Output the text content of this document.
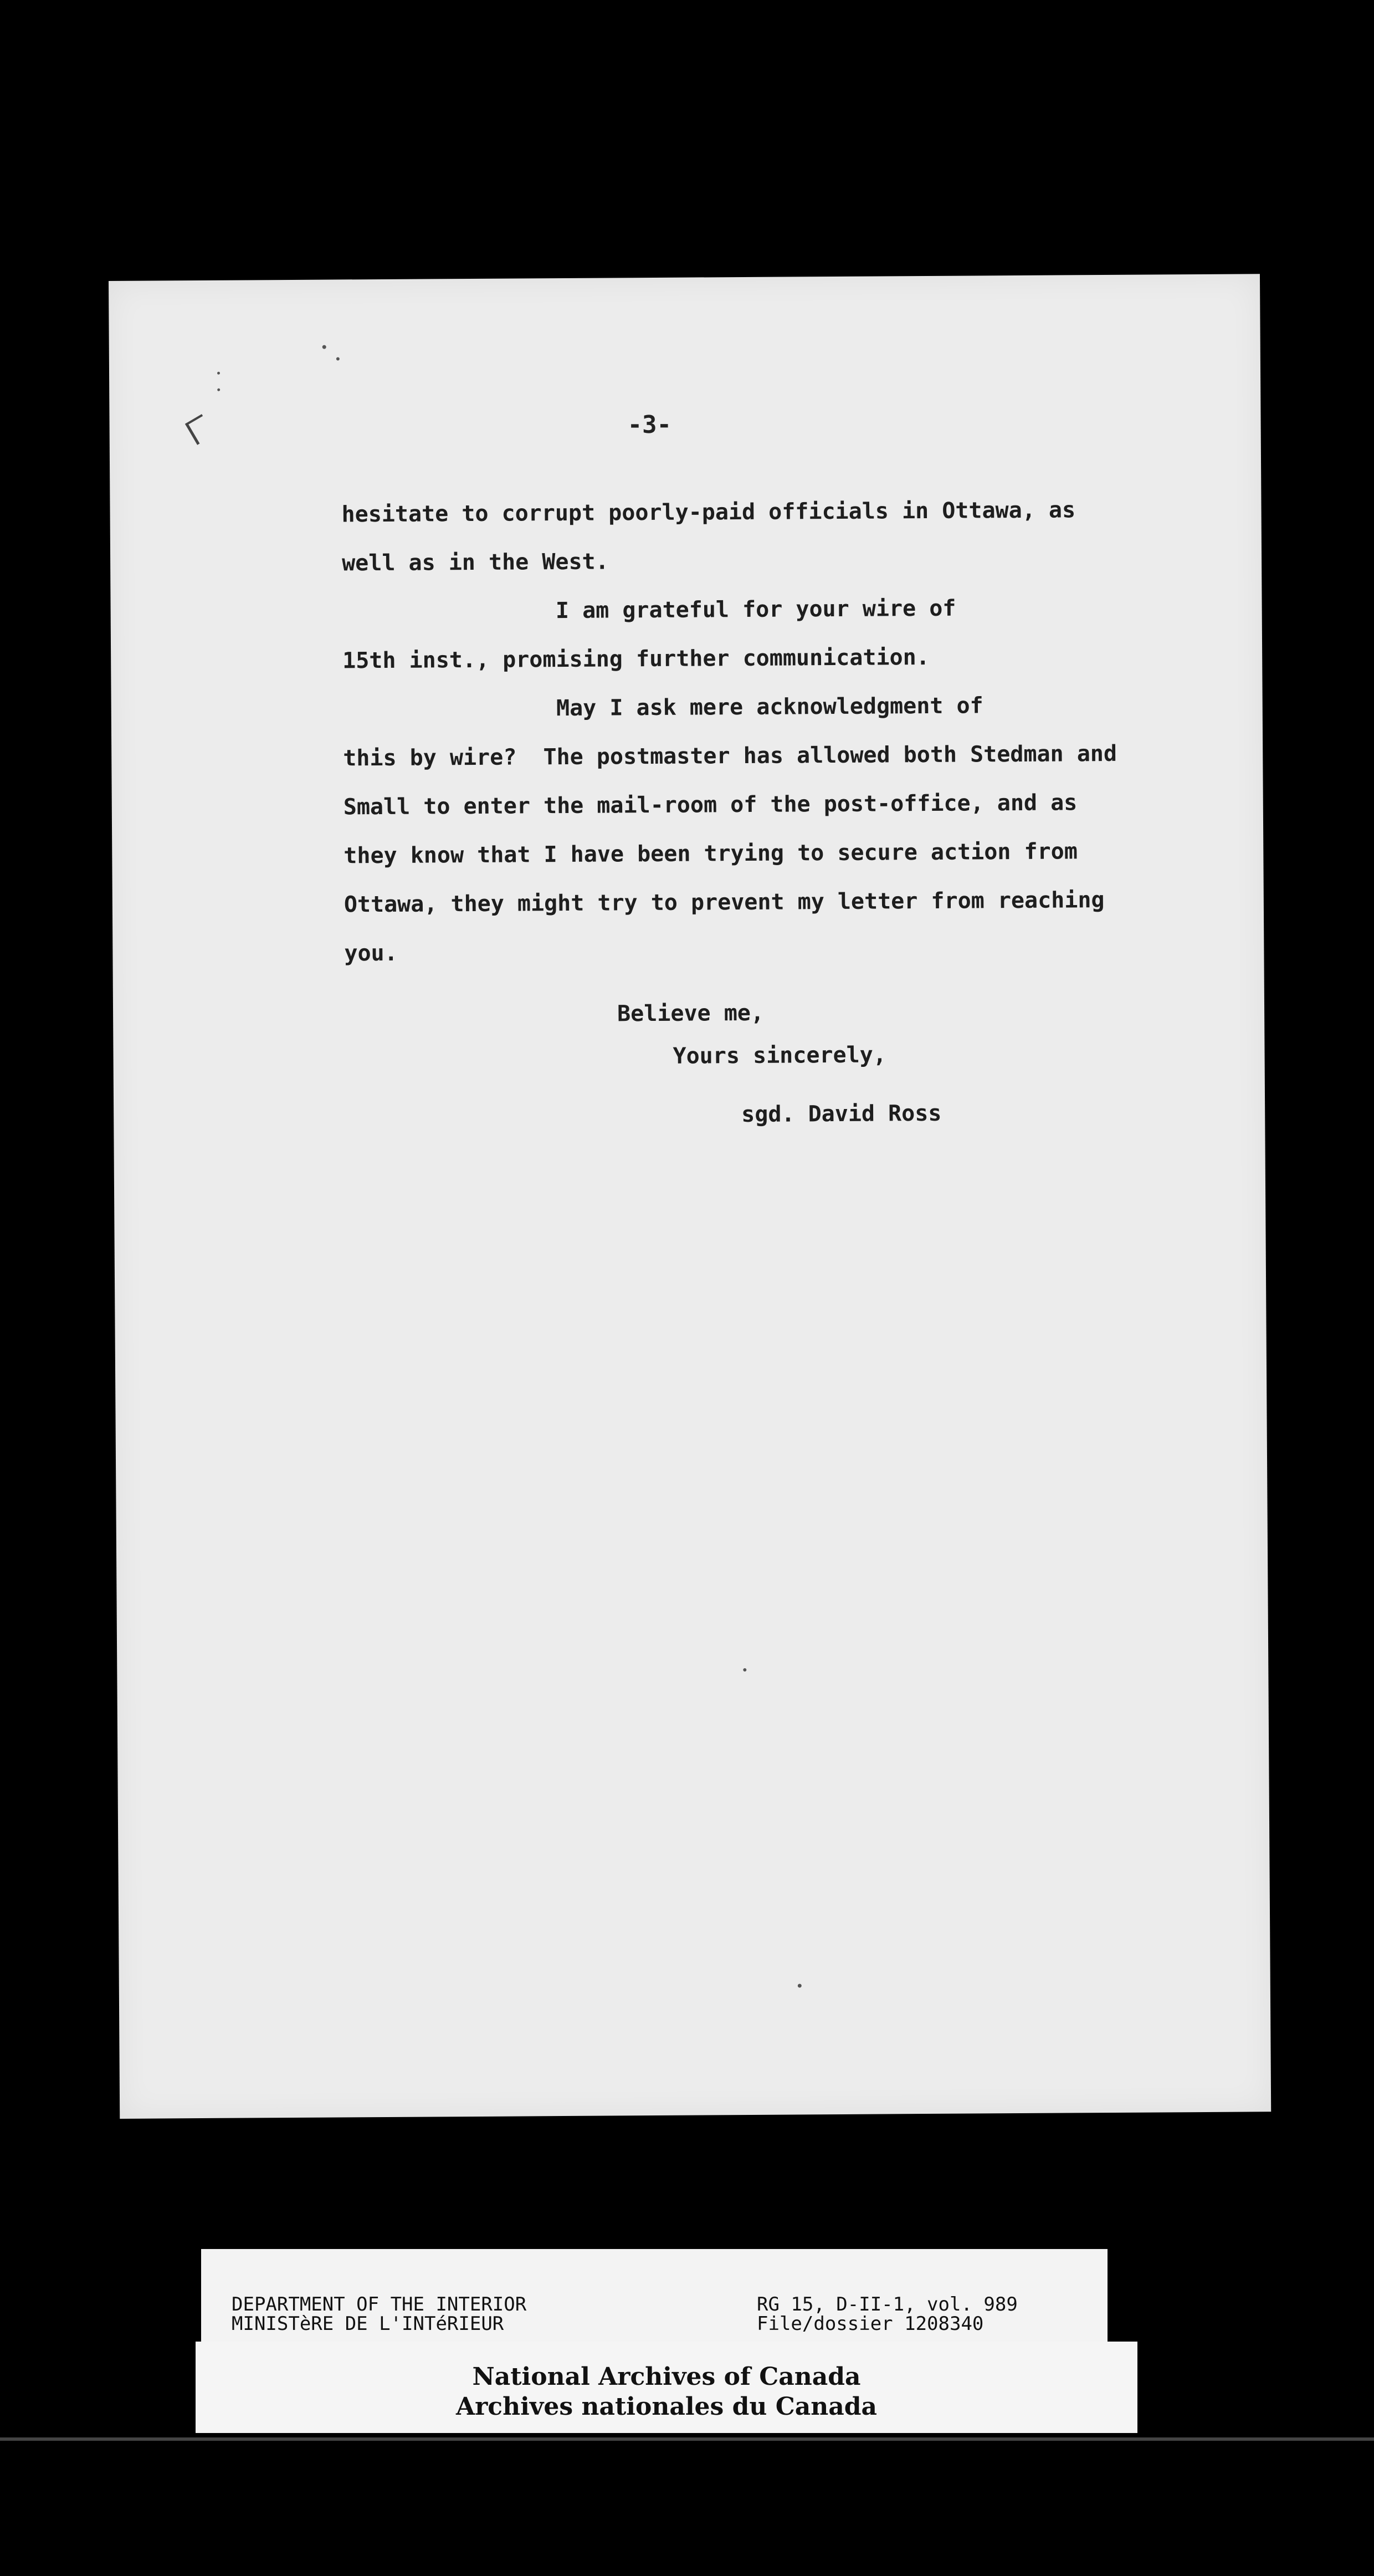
-3-
hesitate to corrupt poorly-paid officials in Ottawa, as
well as in the West.
I am grateful for your wire of
15th inst., promising further communication.
May I ask mere acknowledgment of
this by wire?  The postmaster has allowed both Stedman and
Small to enter the mail-room of the post-office, and as
they know that I have been trying to secure action from
Ottawa, they might try to prevent my letter from reaching
you.
Believe me,
Yours sincerely,
sgd. David Ross
DEPARTMENT OF THE INTERIOR
MINISTèRE DE L'INTéRIEUR
RG 15, D-II-1, vol. 989
File/dossier 1208340
National Archives of Canada
Archives nationales du Canada
